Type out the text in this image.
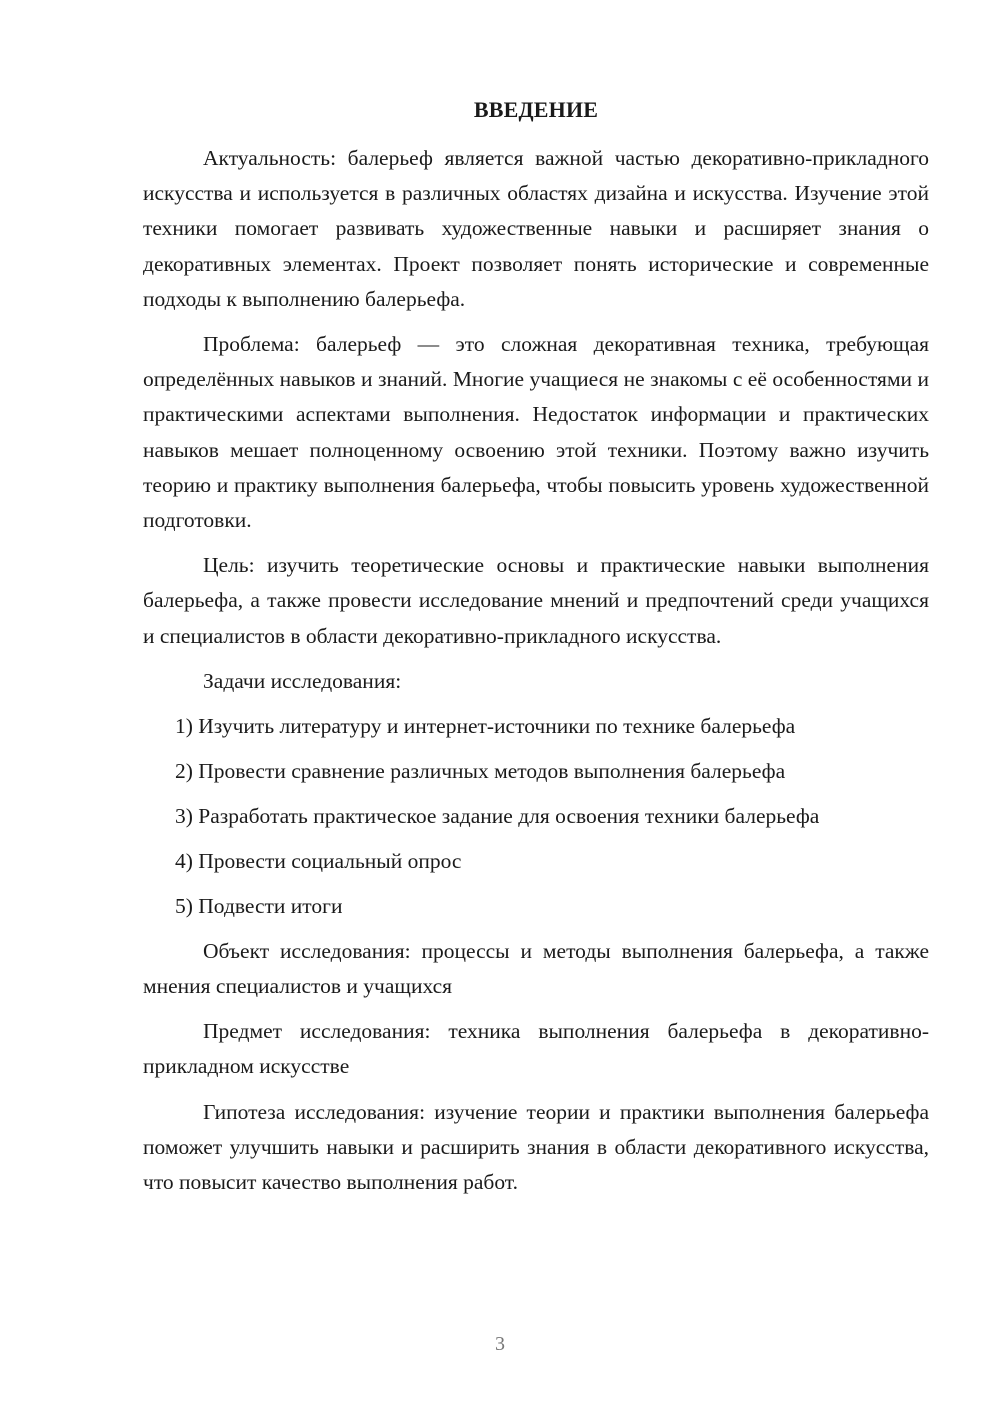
ВВЕДЕНИЕ

Актуальность: балерьеф является важной частью декоративно-прикладного искусства и используется в различных областях дизайна и искусства. Изучение этой техники помогает развивать художественные навыки и расширяет знания о декоративных элементах. Проект позволяет понять исторические и современные подходы к выполнению балерьефа.

Проблема: балерьеф — это сложная декоративная техника, требующая определённых навыков и знаний. Многие учащиеся не знакомы с её особенностями и практическими аспектами выполнения. Недостаток информации и практических навыков мешает полноценному освоению этой техники. Поэтому важно изучить теорию и практику выполнения балерьефа, чтобы повысить уровень художественной подготовки.

Цель: изучить теоретические основы и практические навыки выполнения балерьефа, а также провести исследование мнений и предпочтений среди учащихся и специалистов в области декоративно-прикладного искусства.

Задачи исследования:
1) Изучить литературу и интернет-источники по технике балерьефа
2) Провести сравнение различных методов выполнения балерьефа
3) Разработать практическое задание для освоения техники балерьефа
4) Провести социальный опрос
5) Подвести итоги

Объект исследования: процессы и методы выполнения балерьефа, а также мнения специалистов и учащихся

Предмет исследования: техника выполнения балерьефа в декоративно-прикладном искусстве

Гипотеза исследования: изучение теории и практики выполнения балерьефа поможет улучшить навыки и расширить знания в области декоративного искусства, что повысит качество выполнения работ.

3
